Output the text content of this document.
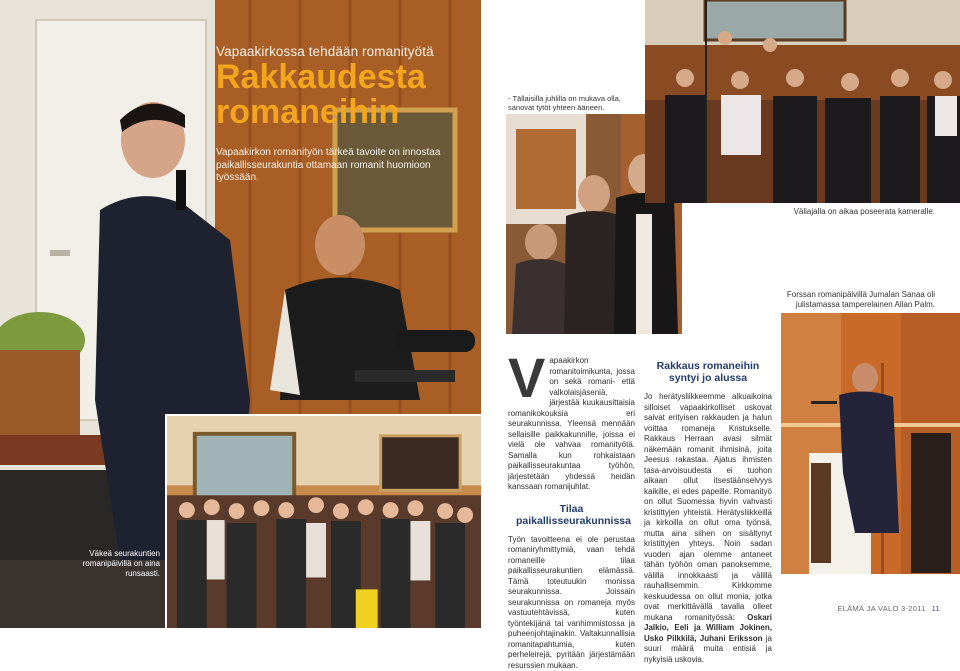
Vapaakirkossa tehdään romanityötä
Rakkaudesta
romaneihin
Vapaakirkon romanityön tärkeä tavoite on innostaa paikallisseurakuntia ottamaan romanit huomioon työssään.
Väkeä seurakuntien romanipäivillä on aina runsaasti.
- Tällaisilla juhlilla on mukava olla, sanovat tytöt yhteen ääneen.
Väliajalla on aikaa poseerata kameralle.
Forssan romanipäivillä Jumalan Sanaa oli julistamassa tamperelainen Allan Palm.
V apaakirkon romanitoimikunta, jossa on sekä romani- että valkolaisjäseniä, järjestää kuukausittaisia romanikokouksia eri seurakunnissa. Yleensä mennään sellaisille paikkakunnille, joissa ei vielä ole vahvaa romanityötä. Samalla kun rohkaistaan paikallisseurakuntaa työhön, järjestetään yhdessä heidän kanssaan romanijuhlat.
Tilaa paikallisseurakunnissa
Työn tavoitteena ei ole perustaa romaniryhmittymiä, vaan tehdä romaneille tilaa paikallisseurakuntien elämässä. Tämä toteutuukin monissa seurakunnissa. Joissain seurakunnissa on romaneja myös vastuutehtävissä, kuten työntekijänä tai vanhimmistossa ja puheenjohtajinakin. Valtakunnallisia romanitapahtumia, kuten perheleirejä, pyritään järjestämään resurssien mukaan.
Rakkaus romaneihin syntyi jo alussa
Jo herätysliikkeemme alkuaikoina silloiset vapaakirkolliset uskovat saivat erityisen rakkauden ja halun voittaa romaneja Kristukselle. Rakkaus Herraan avasi silmät näkemään romanit ihmisinä, joita Jeesus rakastaa. Ajatus ihmisten tasa-arvoisuudesta ei tuohon aikaan ollut itsestäänselvyys kaikille, ei edes papeille. Romanityö on ollut Suomessa hyvin vahvasti kristittyjen yhteistä. Herätysliikkeillä ja kirkoilla on ollut oma työnsä, mutta aina siihen on sisältynyt kristittyjen yhteys. Noin sadan vuoden ajan olemme antaneet tähän työhön oman panoksemme, välillä innokkaasti ja välillä rauhallisemmin. Kirkkomme keskuudessa on ollut monia, jotka ovat merkittävällä tavalla olleet mukana romanityössä: Oskari Jalkio, Eeli ja William Jokinen, Usko Pilkkilä, Juhani Eriksson ja suuri määrä muita entisiä ja nykyisiä uskovia.
ELÄMÄ JA VALO 3-2011 11
